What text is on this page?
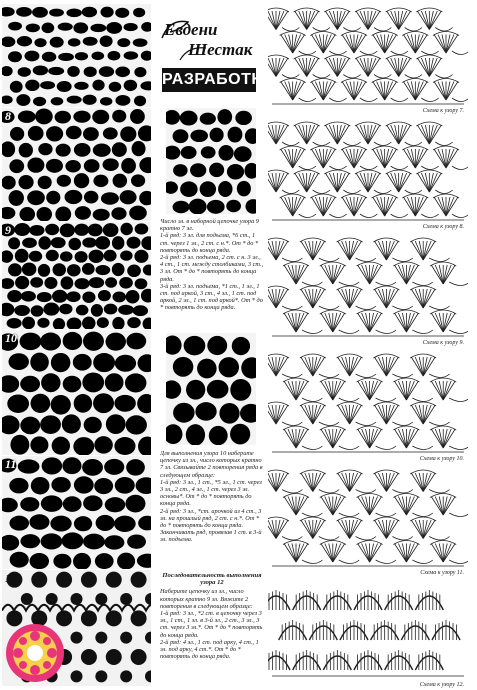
8
9
10
11
12
Евдени
Шестак
РАЗРАБОТКИ

Число эл. в наборной цепочке узора 9 кратно 7 эл.

1-й ряд: 3 эл. для подъема, *6 ст., 1 ст. через 1 эл., 2 ст. с н.*. От * до * повторять до конца ряда.

2-й ряд: 3 эл. подъема, 2 ст. с н. 3 эл., 4 ст., 1 ст. между столбиками, 3 ст., 3 эл. От * до * повторять до конца ряда.

3-й ряд: 3 эл. подъема, *1 ст., 1 эл., 1 ст. под аркой, 3 ст., 4 эл., 1 ст. под аркой, 2 эл., 1 ст. под аркой*. От * до * повторять до конца ряда.

Для выполнения узора 10 наберите цепочку из эл., число которых кратно 7 эл. Связывайте 2 повторения ряда в следующем образце:

1-й ряд: 3 эл., 1 ст., *5 эл., 1 ст. через 3 эл., 2 ст., 4 эл., 1 ст. через 3 эл. основы*. От * до * повторять до конца ряда.

2-й ряд: 3 эл., *ст. арочкой из 4 ст., 3 эл. на прошлый ряд, 2 ст. с н.*. От * до * повторять до конца ряда. Заканчивать ряд, провязав 1 ст. в 3-й эл. подъема.

Последовательность выполнения узора 12

Наберите цепочку из эл., число которых кратно 9 эл. Вяжите 2 повторения в следующем образце:

1-й ряд: 3 эл., *2 ст. в цепочку через 3 эл., 1 ст., 1 эл. в 3-й эл., 2 ст., 3 эл., 3 ст. через 3 эл.*. От * до * повторять до конца ряда.

2-й ряд: 4 эл., 1 ст. под арку, 4 ст., 1 эл. под арку, 4 ст.*. От * до * повторять до конца ряда.

Схема к узору 7.
Схема к узору 8.
Схема к узору 9.
Схема к узору 10.
Схема к узору 11.
Схема к узору 12.
